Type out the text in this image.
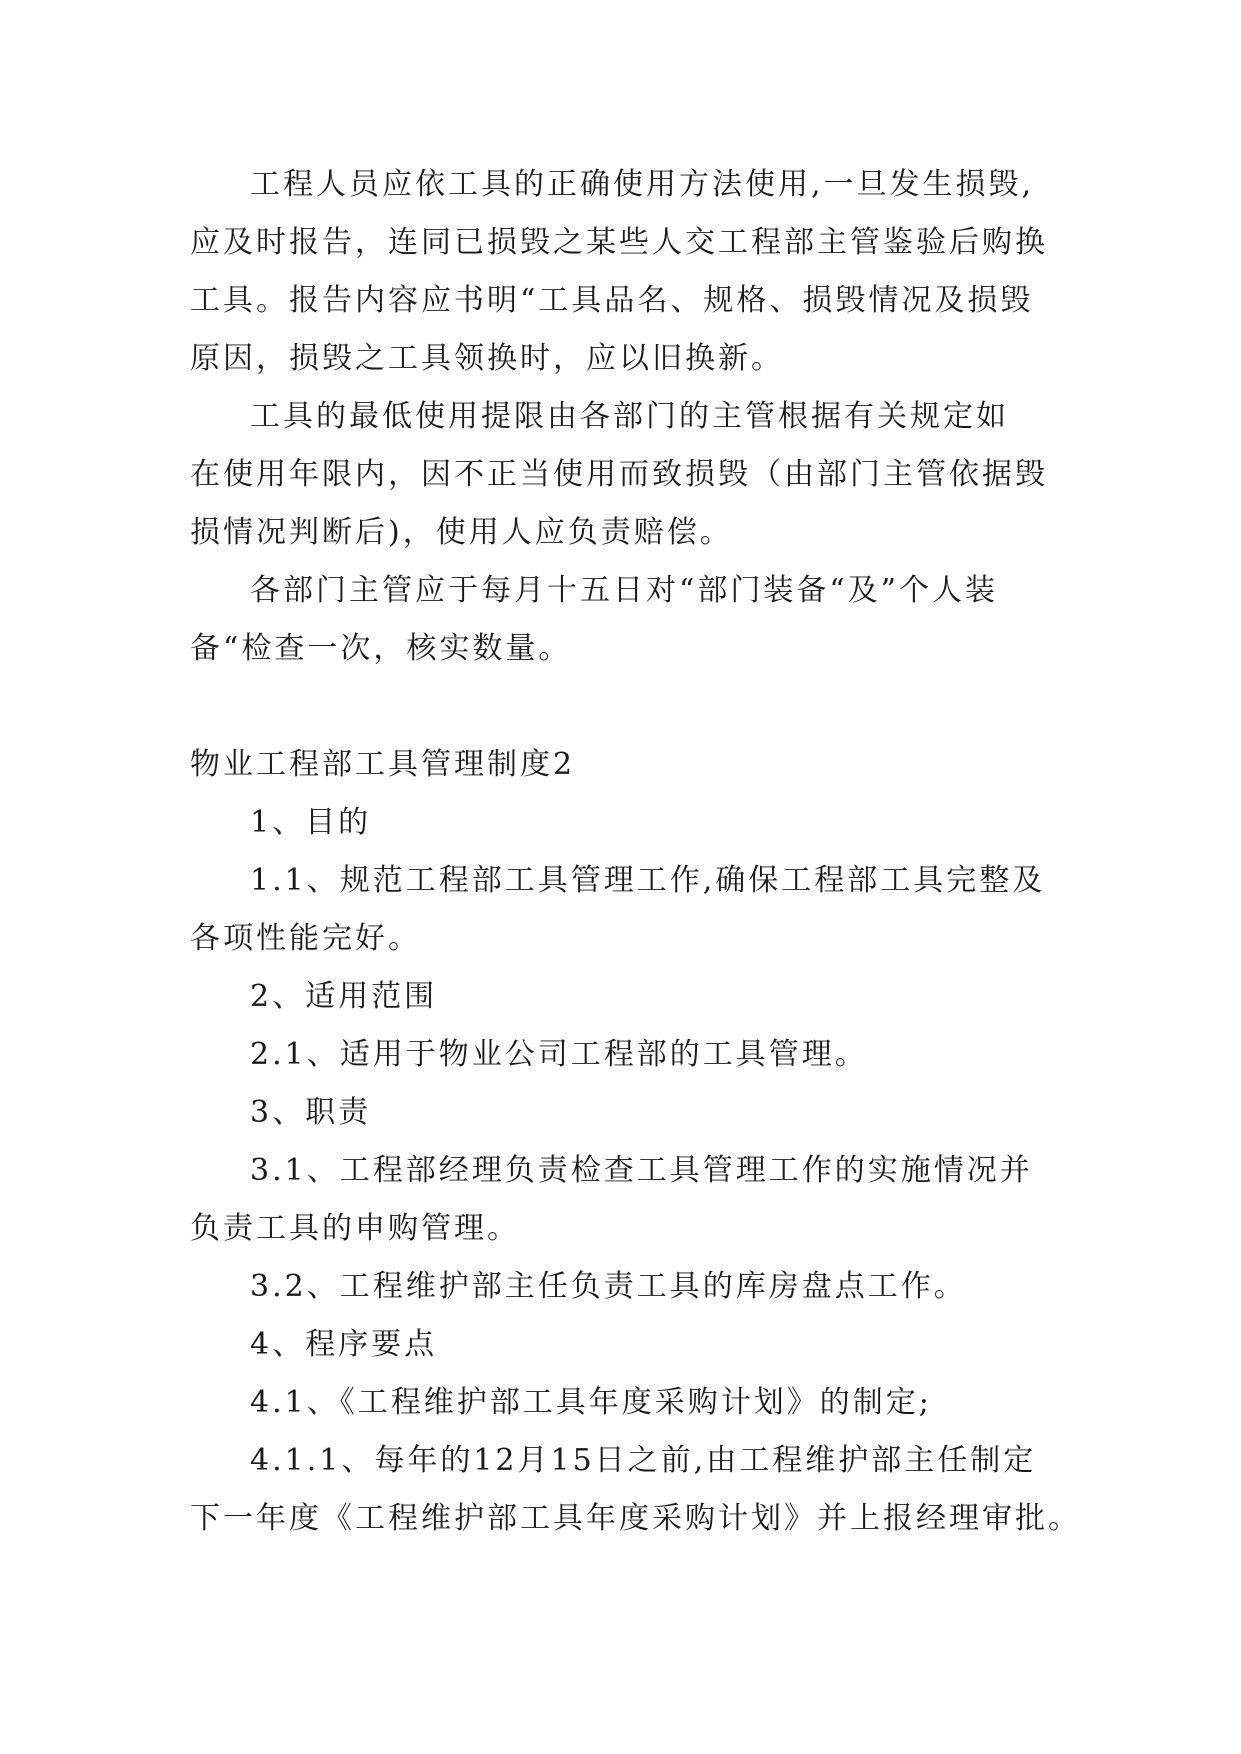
工程人员应依工具的正确使用方法使用,一旦发生损毁,
应及时报告，连同已损毁之某些人交工程部主管鉴验后购换
工具。报告内容应书明“工具品名、规格、损毁情况及损毁
原因，损毁之工具领换时，应以旧换新。
工具的最低使用提限由各部门的主管根据有关规定如
在使用年限内，因不正当使用而致损毁（由部门主管依据毁
损情况判断后)，使用人应负责赔偿。
各部门主管应于每月十五日对“部门装备“及”个人装
备“检查一次，核实数量。
物业工程部工具管理制度2
1、目的
1.1、规范工程部工具管理工作,确保工程部工具完整及
各项性能完好。
2、适用范围
2.1、适用于物业公司工程部的工具管理。
3、职责
3.1、工程部经理负责检查工具管理工作的实施情况并
负责工具的申购管理。
3.2、工程维护部主任负责工具的库房盘点工作。
4、程序要点
4.1、《工程维护部工具年度采购计划》的制定;
4.1.1、每年的12月15日之前,由工程维护部主任制定
下一年度《工程维护部工具年度采购计划》并上报经理审批。
